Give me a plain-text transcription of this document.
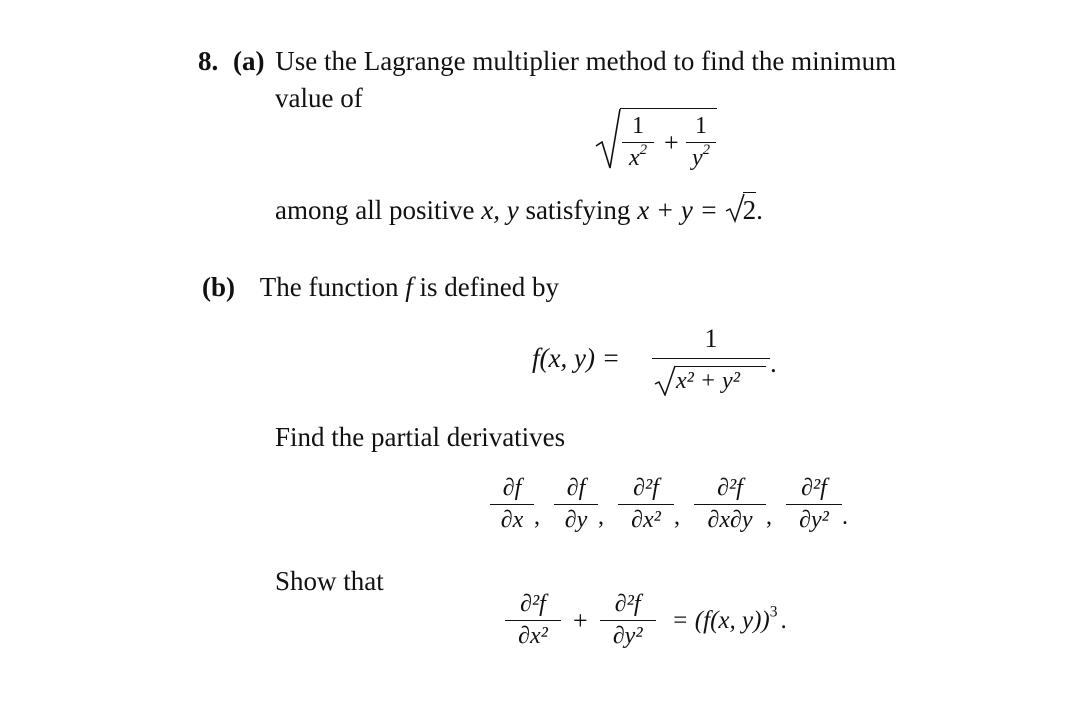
8. (a) Use the Lagrange multiplier method to find the minimum
value of
$\frac{1}{x^2} + \frac{1}{y^2}$
among all positive x, y satisfying x + y = 2.
(b) The function f is defined by
f(x, y) =
1
x² + y²
.
Find the partial derivatives
$\frac{\partial f}{\partial x}$ , $\frac{\partial f}{\partial y}$ , $\frac{\text{∂²f}}{\text{∂x²}}$ , $\frac{\text{∂²f}}{\partial x\partial y}$ , $\frac{\text{∂²f}}{\text{∂y²}}$ .
Show that
$\frac{\text{∂²f}}{\text{∂x²}} + \frac{\text{∂²f}}{\text{∂y²}} = (f(x$, y))$^3$ .
